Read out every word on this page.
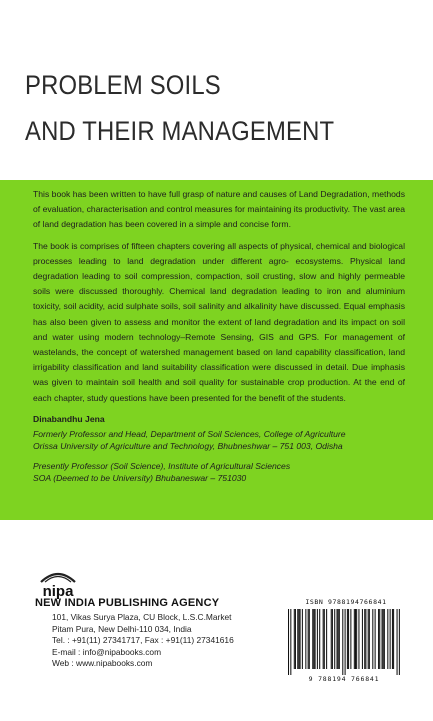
PROBLEM SOILS
AND THEIR MANAGEMENT

This book has been written to have full grasp of nature and causes of Land Degradation, methods of evaluation, characterisation and control measures for maintaining its productivity. The vast area of land degradation has been covered in a simple and concise form.

The book is comprises of fifteen chapters covering all aspects of physical, chemical and biological processes leading to land degradation under different agro- ecosystems. Physical land degradation leading to soil compression, compaction, soil crusting, slow and highly permeable soils were discussed thoroughly. Chemical land degradation leading to iron and aluminium toxicity, soil acidity, acid sulphate soils, soil salinity and alkalinity have discussed. Equal emphasis has also been given to assess and monitor the extent of land degradation and its impact on soil and water using modern technology–Remote Sensing, GIS and GPS. For management of wastelands, the concept of watershed management based on land capability classification, land irrigability classification and land suitability classification were discussed in detail. Due imphasis was given to maintain soil health and soil quality for sustainable crop production. At the end of each chapter, study questions have been presented for the benefit of the students.

Dinabandhu Jena
Formerly Professor and Head, Department of Soil Sciences, College of Agriculture
Orissa University of Agriculture and Technology, Bhubneshwar – 751 003, Odisha
Presently Professor (Soil Science), Institute of Agricultural Sciences
SOA (Deemed to be University) Bhubaneswar – 751030
nipa
NEW INDIA PUBLISHING AGENCY
101, Vikas Surya Plaza, CU Block, L.S.C.Market
Pitam Pura, New Delhi-110 034, India
Tel. : +91(11) 27341717, Fax : +91(11) 27341616
E-mail : info@nipabooks.com
Web : www.nipabooks.com
ISBN 9788194766841
9 788194 766841
